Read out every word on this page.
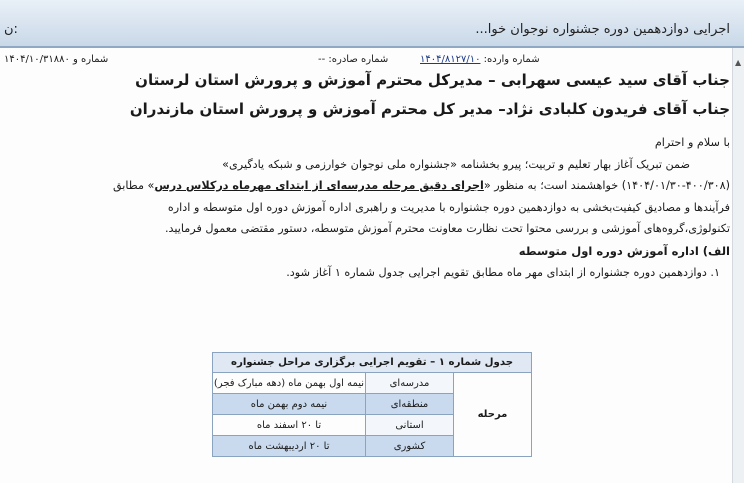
ن:	اجرایی دوازدهمین دوره جشنواره نوجوان خوا...
شماره و ۱۴۰۴/۱۰/۳۱۸۸۰	شماره وارده: ۱۴۰۴/۸۱۲۷/۱۰
شماره صادره: --	▲
جناب آقای سید عیسی سهرابی – مدیرکل محترم آموزش و پرورش استان لرستان
جناب آقای فریدون کلبادی نژاد– مدیر کل محترم آموزش و پرورش استان مازندران
با سلام و احترام
ضمن تبریک آغاز بهار تعلیم و تربیت؛ پیرو بخشنامه «جشنواره ملی نوجوان خوارزمی و شبکه یادگیری»
(۱۴۰۴/۰۱/۳۰-۴۰۰/۳۰۸) خواهشمند است؛ به منظور «اجرای دقیق مرحله مدرسه‌ای از ابتدای مهرماه درکلاس درس» مطابق
فرآیندها و مصادیق کیفیت‌بخشی به دوازدهمین دوره جشنواره با مدیریت و راهبری اداره آموزش دوره اول متوسطه و اداره
تکنولوژی،گروه‌های آموزشی و بررسی محتوا تحت نظارت معاونت محترم آموزش متوسطه، دستور مقتضی معمول فرمایید.
الف) اداره آموزش دوره اول متوسطه
۱. دوازدهمین دوره جشنواره از ابتدای مهر ماه مطابق تقویم اجرایی جدول شماره ۱ آغاز شود.
جدول شماره ۱ – تقویم اجرایی برگزاری مراحل جشنواره		
مرحله	مدرسه‌ای	نیمه اول بهمن ماه (دهه مبارک فجر)
	منطقه‌ای	نیمه دوم بهمن ماه
	استانی	تا ۲۰ اسفند ماه
	کشوری	تا ۲۰ اردیبهشت ماه
